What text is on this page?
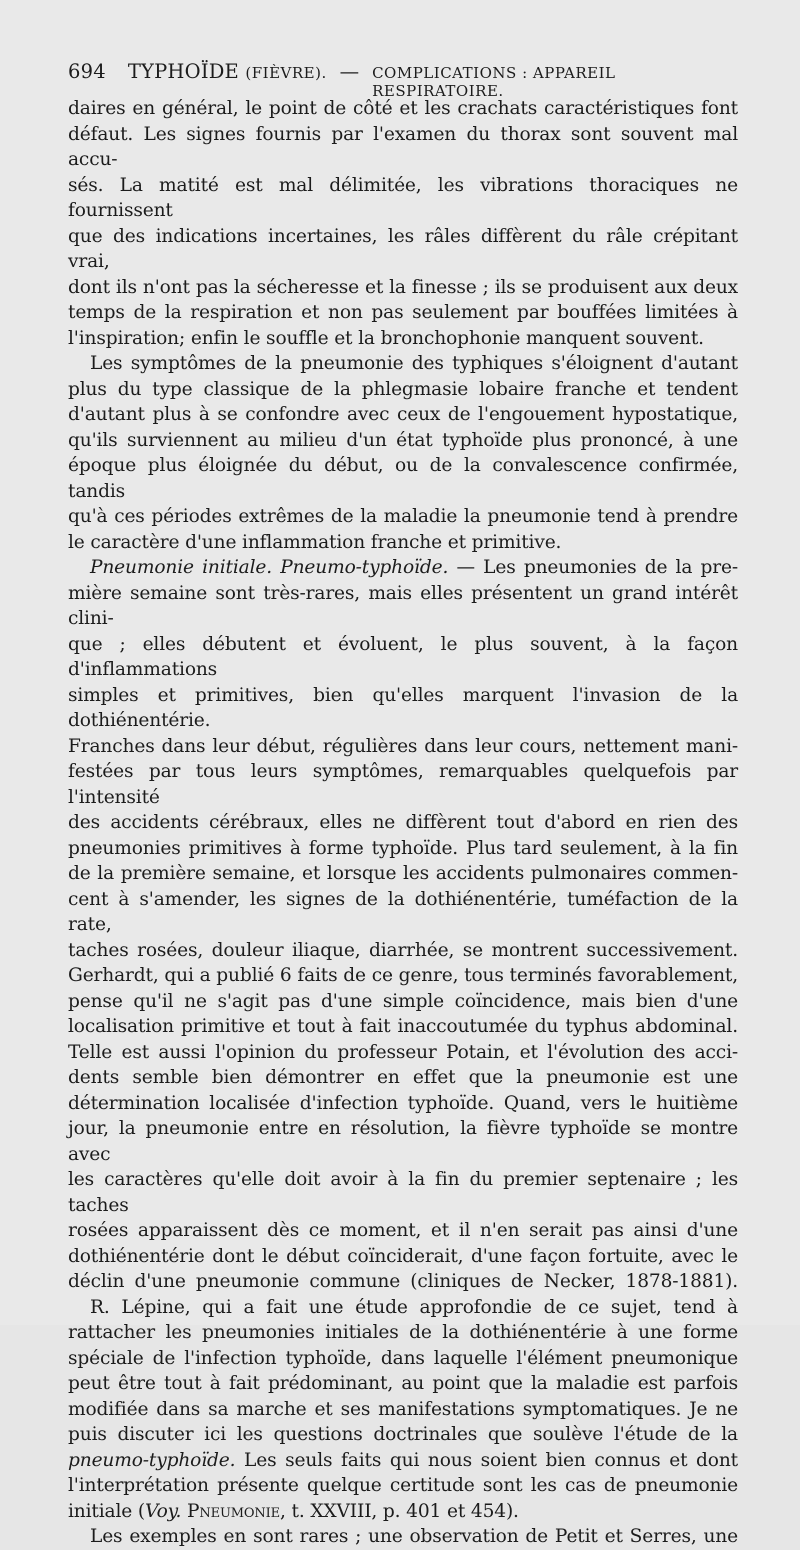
694 TYPHOÏDE
(FIÈVRE).
—
COMPLICATIONS : APPAREIL RESPIRATOIRE.

daires en général, le point de côté et les crachats caractéristiques font

défaut. Les signes fournis par l'examen du thorax sont souvent mal accu-

sés. La matité est mal délimitée, les vibrations thoraciques ne fournissent

que des indications incertaines, les râles diffèrent du râle crépitant vrai,

dont ils n'ont pas la sécheresse et la finesse ; ils se produisent aux deux

temps de la respiration et non pas seulement par bouffées limitées à

l'inspiration; enfin le souffle et la bronchophonie manquent souvent.

Les symptômes de la pneumonie des typhiques s'éloignent d'autant

plus du type classique de la phlegmasie lobaire franche et tendent

d'autant plus à se confondre avec ceux de l'engouement hypostatique,

qu'ils surviennent au milieu d'un état typhoïde plus prononcé, à une

époque plus éloignée du début, ou de la convalescence confirmée, tandis

qu'à ces périodes extrêmes de la maladie la pneumonie tend à prendre

le caractère d'une inflammation franche et primitive.

Pneumonie initiale. Pneumo-typhoïde. — Les pneumonies de la pre-

mière semaine sont très-rares, mais elles présentent un grand intérêt clini-

que ; elles débutent et évoluent, le plus souvent, à la façon d'inflammations

simples et primitives, bien qu'elles marquent l'invasion de la dothiénentérie.

Franches dans leur début, régulières dans leur cours, nettement mani-

festées par tous leurs symptômes, remarquables quelquefois par l'intensité

des accidents cérébraux, elles ne diffèrent tout d'abord en rien des

pneumonies primitives à forme typhoïde. Plus tard seulement, à la fin

de la première semaine, et lorsque les accidents pulmonaires commen-

cent à s'amender, les signes de la dothiénentérie, tuméfaction de la rate,

taches rosées, douleur iliaque, diarrhée, se montrent successivement.

Gerhardt, qui a publié 6 faits de ce genre, tous terminés favorablement,

pense qu'il ne s'agit pas d'une simple coïncidence, mais bien d'une

localisation primitive et tout à fait inaccoutumée du typhus abdominal.

Telle est aussi l'opinion du professeur Potain, et l'évolution des acci-

dents semble bien démontrer en effet que la pneumonie est une

détermination localisée d'infection typhoïde. Quand, vers le huitième

jour, la pneumonie entre en résolution, la fièvre typhoïde se montre avec

les caractères qu'elle doit avoir à la fin du premier septenaire ; les taches

rosées apparaissent dès ce moment, et il n'en serait pas ainsi d'une

dothiénentérie dont le début coïnciderait, d'une façon fortuite, avec le

déclin d'une pneumonie commune (cliniques de Necker, 1878-1881).

R. Lépine, qui a fait une étude approfondie de ce sujet, tend à

rattacher les pneumonies initiales de la dothiénentérie à une forme

spéciale de l'infection typhoïde, dans laquelle l'élément pneumonique

peut être tout à fait prédominant, au point que la maladie est parfois

modifiée dans sa marche et ses manifestations symptomatiques. Je ne

puis discuter ici les questions doctrinales que soulève l'étude de la

pneumo-typhoïde. Les seuls faits qui nous soient bien connus et dont

l'interprétation présente quelque certitude sont les cas de pneumonie

initiale (Voy. Pneumonie, t. XXVIII, p. 401 et 454).

Les exemples en sont rares ; une observation de Petit et Serres, une
